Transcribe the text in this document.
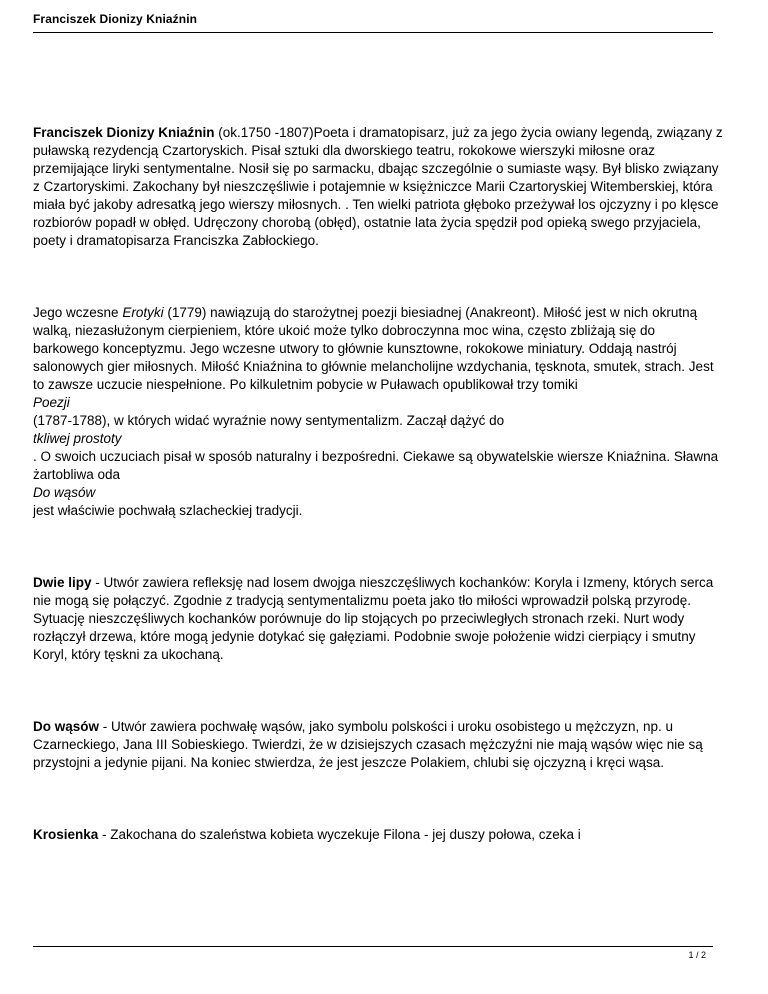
Franciszek Dionizy Kniaźnin

Franciszek Dionizy Kniaźnin (ok.1750 -1807)Poeta i dramatopisarz, już za jego życia owiany legendą, związany z puławską rezydencją Czartoryskich. Pisał sztuki dla dworskiego teatru, rokokowe wierszyki miłosne oraz przemijające liryki sentymentalne. Nosił się po sarmacku, dbając szczególnie o sumiaste wąsy. Był blisko związany z Czartoryskimi. Zakochany był nieszczęśliwie i potajemnie w księżniczce Marii Czartoryskiej Witemberskiej, która miała być jakoby adresatką jego wierszy miłosnych. . Ten wielki patriota głęboko przeżywał los ojczyzny i po klęsce rozbiorów popadł w obłęd. Udręczony chorobą (obłęd), ostatnie lata życia spędził pod opieką swego przyjaciela, poety i dramatopisarza Franciszka Zabłockiego.

Jego wczesne Erotyki (1779) nawiązują do starożytnej poezji biesiadnej (Anakreont). Miłość jest w nich okrutną walką, niezasłużonym cierpieniem, które ukoić może tylko dobroczynna moc wina, często zbliżają się do barkowego konceptyzmu. Jego wczesne utwory to głównie kunsztowne, rokokowe miniatury. Oddają nastrój salonowych gier miłosnych. Miłość Kniaźnina to głównie melancholijne wzdychania, tęsknota, smutek, strach. Jest to zawsze uczucie niespełnione. Po kilkuletnim pobycie w Puławach opublikował trzy tomiki

Poezji

(1787-1788), w których widać wyraźnie nowy sentymentalizm. Zaczął dążyć do

tkliwej prostoty

. O swoich uczuciach pisał w sposób naturalny i bezpośredni. Ciekawe są obywatelskie wiersze Kniaźnina. Sławna żartobliwa oda

Do wąsów

jest właściwie pochwałą szlacheckiej tradycji.

Dwie lipy - Utwór zawiera refleksję nad losem dwojga nieszczęśliwych kochanków: Koryla i Izmeny, których serca nie mogą się połączyć. Zgodnie z tradycją sentymentalizmu poeta jako tło miłości wprowadził polską przyrodę. Sytuację nieszczęśliwych kochanków porównuje do lip stojących po przeciwległych stronach rzeki. Nurt wody rozłączył drzewa, które mogą jedynie dotykać się gałęziami. Podobnie swoje położenie widzi cierpiący i smutny Koryl, który tęskni za ukochaną.

Do wąsów - Utwór zawiera pochwałę wąsów, jako symbolu polskości i uroku osobistego u mężczyzn, np. u Czarneckiego, Jana III Sobieskiego. Twierdzi, że w dzisiejszych czasach mężczyźni nie mają wąsów więc nie są przystojni a jedynie pijani. Na koniec stwierdza, że jest jeszcze Polakiem, chlubi się ojczyzną i kręci wąsa.

Krosienka - Zakochana do szaleństwa kobieta wyczekuje Filona - jej duszy połowa, czeka i

1 / 2
